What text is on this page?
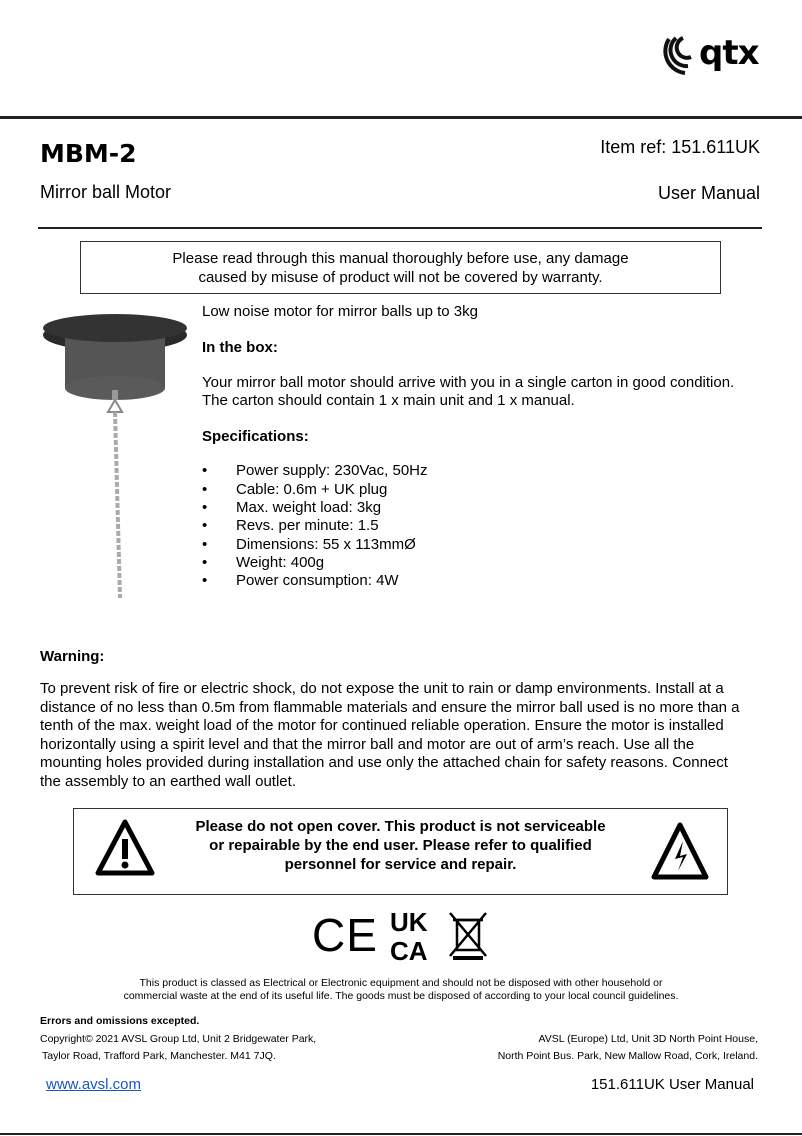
qtx
MBM-2	Item ref: 151.611UK
Mirror ball Motor	User Manual
Please read through this manual thoroughly before use, any damage
caused by misuse of product will not be covered by warranty.
Low noise motor for mirror balls up to 3kg
In the box:
Your mirror ball motor should arrive with you in a single carton in good condition.
The carton should contain 1 x main unit and 1 x manual.
Specifications:
• Power supply: 230Vac, 50Hz
• Cable: 0.6m + UK plug
• Max. weight load: 3kg
• Revs. per minute: 1.5
• Dimensions: 55 x 113mmØ
• Weight: 400g
• Power consumption: 4W
Warning:
To prevent risk of fire or electric shock, do not expose the unit to rain or damp environments. Install at a
distance of no less than 0.5m from flammable materials and ensure the mirror ball used is no more than a
tenth of the max. weight load of the motor for continued reliable operation. Ensure the motor is installed
horizontally using a spirit level and that the mirror ball and motor are out of arm’s reach. Use all the
mounting holes provided during installation and use only the attached chain for safety reasons. Connect
the assembly to an earthed wall outlet.
Please do not open cover. This product is not serviceable
or repairable by the end user. Please refer to qualified
personnel for service and repair.
CE UK
CA
This product is classed as Electrical or Electronic equipment and should not be disposed with other household or
commercial waste at the end of its useful life. The goods must be disposed of according to your local council guidelines.
Errors and omissions excepted.
Copyright© 2021 AVSL Group Ltd, Unit 2 Bridgewater Park,
Taylor Road, Trafford Park, Manchester. M41 7JQ.
AVSL (Europe) Ltd, Unit 3D North Point House,
North Point Bus. Park, New Mallow Road, Cork, Ireland.
www.avsl.com	151.611UK User Manual
